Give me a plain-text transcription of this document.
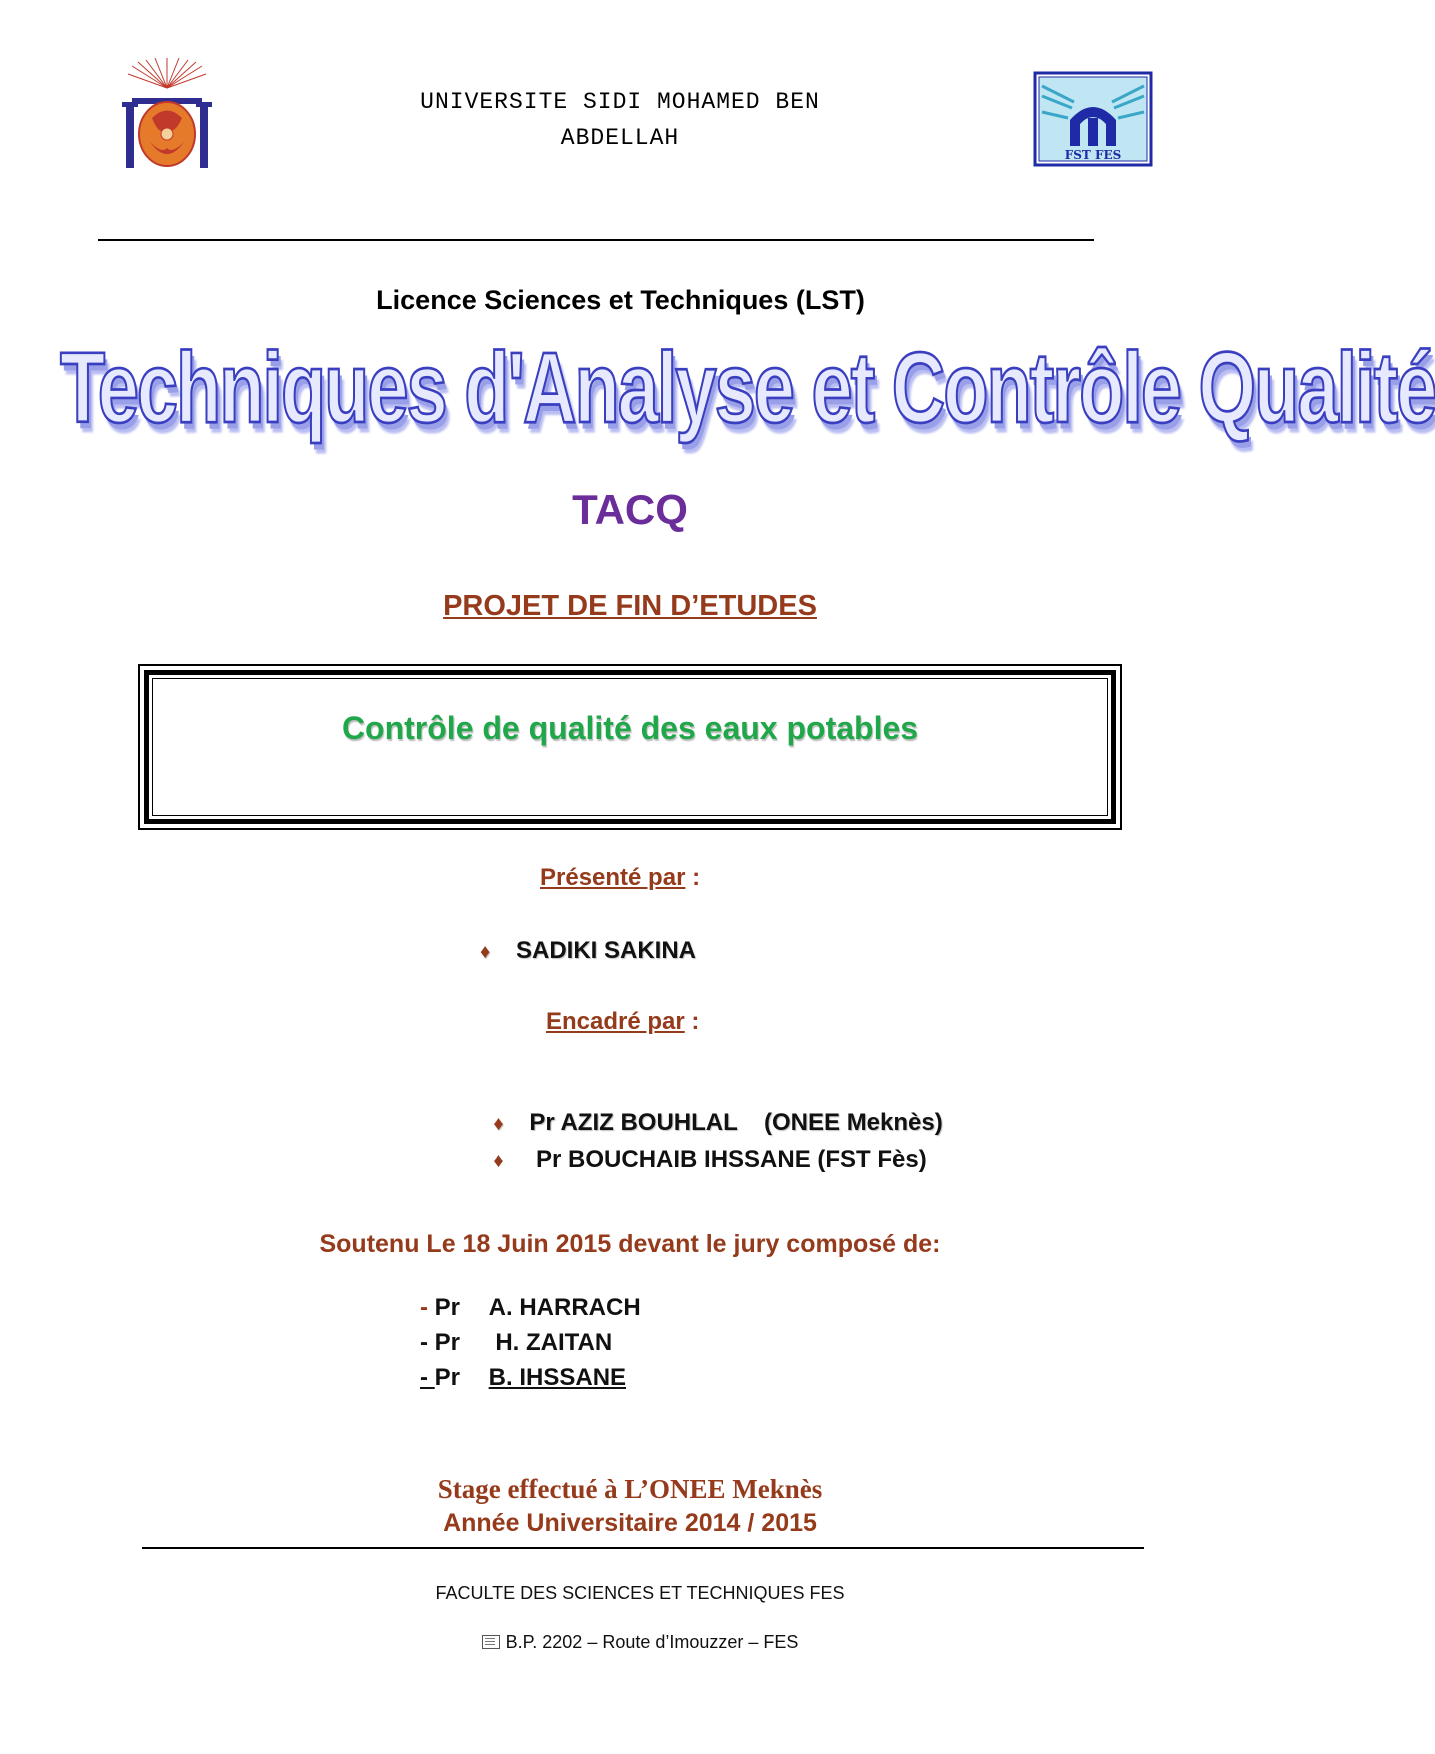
UNIVERSITE SIDI MOHAMED BEN
ABDELLAH
FST FES
Licence Sciences et Techniques (LST)
Techniques d'Analyse et Contrôle Qualité
TACQ
PROJET DE FIN D’ETUDES
Contrôle de qualité des eaux potables
Présenté par :
♦ SADIKI SAKINA
Encadré par :

♦ Pr AZIZ BOUHLAL    (ONEE Meknès)

♦ Pr BOUCHAIB IHSSANE (FST Fès)

Soutenu Le 18 Juin 2015 devant le jury composé de:
- Pr A. HARRACH
- Pr H. ZAITAN
- Pr B. IHSSANE
Stage effectué à L’ONEE Meknès
Année Universitaire 2014 / 2015
FACULTE DES SCIENCES ET TECHNIQUES FES
B.P. 2202 – Route d’Imouzzer – FES
